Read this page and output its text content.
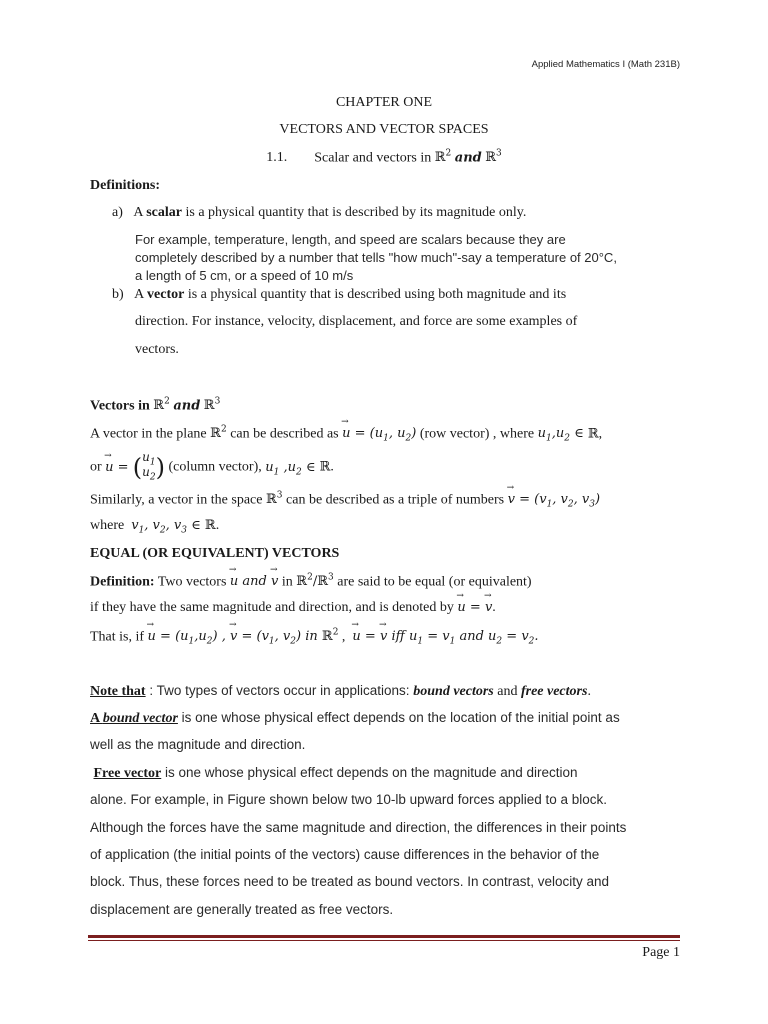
Applied Mathematics I (Math 231B)
CHAPTER ONE
VECTORS AND VECTOR SPACES
1.1. Scalar and vectors in ℝ$^2$ and ℝ$^3$
Definitions:
a) A scalar is a physical quantity that is described by its magnitude only.
For example, temperature, length, and speed are scalars because they are
completely described by a number that tells "how much"-say a temperature of 20°C,
a length of 5 cm, or a speed of 10 m/s
b) A vector is a physical quantity that is described using both magnitude and its
direction. For instance, velocity, displacement, and force are some examples of
vectors.
Vectors in ℝ$^2$ and ℝ$^3$
A vector in the plane ℝ$^2$ can be described as → $u = (u_1$, $u_2$) (row vector) , where $u_1,u_2$ ∈ ℝ,
or → $u = (u_1$
$u_2$) (column vector), $u_1$ $,u_2$ ∈ ℝ.
Similarly, a vector in the space ℝ$^3$ can be described as a triple of numbers → $v = (v_1$, $v_2$, $v_3$)
where  $v_1$, $v_2$, $v_3$ ∈ ℝ.
EQUAL (OR EQUIVALENT) VECTORS
Definition: Two vectors → u and → v in ℝ$^2$/ℝ$^3$ are said to be equal (or equivalent)
if they have the same magnitude and direction, and is denoted by → u = → v.
That is, if → $u = (u_1,u_2)$ , → $v = (v_1$, $v_2$) in ℝ$^2$ ,  → u = → v iff $u_1 = v_1$ and $u_2 = v_2$.
Note that : Two types of vectors occur in applications: bound vectors and free vectors.
A bound vector is one whose physical effect depends on the location of the initial point as
well as the magnitude and direction.
Free vector is one whose physical effect depends on the magnitude and direction
alone. For example, in Figure shown below two 10-lb upward forces applied to a block.
Although the forces have the same magnitude and direction, the differences in their points
of application (the initial points of the vectors) cause differences in the behavior of the
block. Thus, these forces need to be treated as bound vectors. In contrast, velocity and
displacement are generally treated as free vectors.
Page 1
